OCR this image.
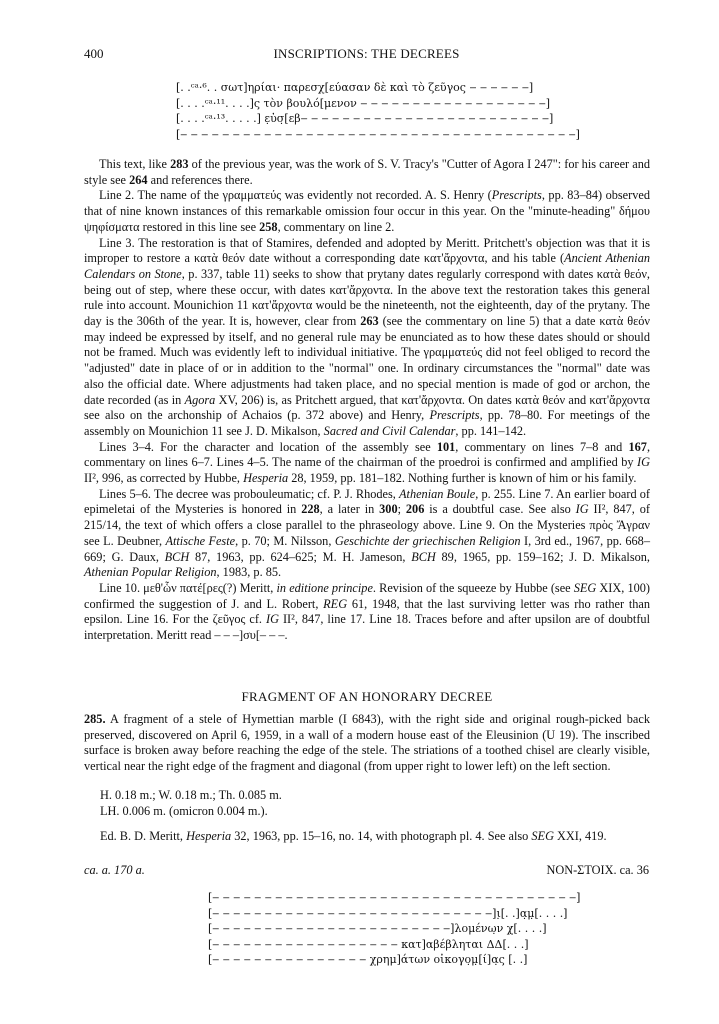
400	INSCRIPTIONS: THE DECREES
[. .ᶜᵃ·⁶. . σωτ]ηρίαι· παρεσχ[εύασαν δὲ καὶ τὸ ζεῦγος ‒ ‒ ‒ ‒ ‒ ‒]
[. . . .ᶜᵃ·¹¹. . . .]ς τὸν βουλό[μενον ‒ ‒ ‒ ‒ ‒ ‒ ‒ ‒ ‒ ‒ ‒ ‒ ‒ ‒ ‒ ‒ ‒ ‒]
[. . . .ᶜᵃ·¹³. . . . .] ε̣ὐσ̣[εβ‒ ‒ ‒ ‒ ‒ ‒ ‒ ‒ ‒ ‒ ‒ ‒ ‒ ‒ ‒ ‒ ‒ ‒ ‒ ‒ ‒ ‒ ‒ ‒]
[‒ ‒ ‒ ‒ ‒ ‒ ‒ ‒ ‒ ‒ ‒ ‒ ‒ ‒ ‒ ‒ ‒ ‒ ‒ ‒ ‒ ‒ ‒ ‒ ‒ ‒ ‒ ‒ ‒ ‒ ‒ ‒ ‒ ‒ ‒ ‒ ‒ ‒]

This text, like 283 of the previous year, was the work of S. V. Tracy's "Cutter of Agora I 247": for his career and style see 264 and references there.

Line 2. The name of the γραμματεύς was evidently not recorded. A. S. Henry (Prescripts, pp. 83–84) observed that of nine known instances of this remarkable omission four occur in this year. On the "minute-heading" δήμου ψηφίσματα restored in this line see 258, commentary on line 2.

Line 3. The restoration is that of Stamires, defended and adopted by Meritt. Pritchett's objection was that it is improper to restore a κατὰ θεόν date without a corresponding date κατ'ἄρχοντα, and his table (Ancient Athenian Calendars on Stone, p. 337, table 11) seeks to show that prytany dates regularly correspond with dates κατὰ θεόν, being out of step, where these occur, with dates κατ'ἄρχοντα. In the above text the restoration takes this general rule into account. Mounichion 11 κατ'ἄρχοντα would be the nineteenth, not the eighteenth, day of the prytany. The day is the 306th of the year. It is, however, clear from 263 (see the commentary on line 5) that a date κατὰ θεόν may indeed be expressed by itself, and no general rule may be enunciated as to how these dates should or should not be framed. Much was evidently left to individual initiative. The γραμματεύς did not feel obliged to record the "adjusted" date in place of or in addition to the "normal" one. In ordinary circumstances the "normal" date was also the official date. Where adjustments had taken place, and no special mention is made of god or archon, the date recorded (as in Agora XV, 206) is, as Pritchett argued, that κατ'ἄρχοντα. On dates κατὰ θεόν and κατ'ἄρχοντα see also on the archonship of Achaios (p. 372 above) and Henry, Prescripts, pp. 78–80. For meetings of the assembly on Mounichion 11 see J. D. Mikalson, Sacred and Civil Calendar, pp. 141–142.

Lines 3–4. For the character and location of the assembly see 101, commentary on lines 7–8 and 167, commentary on lines 6–7. Lines 4–5. The name of the chairman of the proedroi is confirmed and amplified by IG II², 996, as corrected by Hubbe, Hesperia 28, 1959, pp. 181–182. Nothing further is known of him or his family.

Lines 5–6. The decree was probouleumatic; cf. P. J. Rhodes, Athenian Boule, p. 255. Line 7. An earlier board of epimeletai of the Mysteries is honored in 228, a later in 300; 206 is a doubtful case. See also IG II², 847, of 215/14, the text of which offers a close parallel to the phraseology above. Line 9. On the Mysteries πρὸς Ἄγραν see L. Deubner, Attische Feste, p. 70; M. Nilsson, Geschichte der griechischen Religion I, 3rd ed., 1967, pp. 668–669; G. Daux, BCH 87, 1963, pp. 624–625; M. H. Jameson, BCH 89, 1965, pp. 159–162; J. D. Mikalson, Athenian Popular Religion, 1983, p. 85.

Line 10. μεθ'ὧν πατέ[ρες(?) Meritt, in editione principe. Revision of the squeeze by Hubbe (see SEG XIX, 100) confirmed the suggestion of J. and L. Robert, REG 61, 1948, that the last surviving letter was rho rather than epsilon. Line 16. For the ζεῦγος cf. IG II², 847, line 17. Line 18. Traces before and after upsilon are of doubtful interpretation. Meritt read ‒ ‒ ‒]συ[‒ ‒ ‒.

FRAGMENT OF AN HONORARY DECREE

285. A fragment of a stele of Hymettian marble (I 6843), with the right side and original rough-picked back preserved, discovered on April 6, 1959, in a wall of a modern house east of the Eleusinion (U 19). The inscribed surface is broken away before reaching the edge of the stele. The striations of a toothed chisel are clearly visible, vertical near the right edge of the fragment and diagonal (from upper right to lower left) on the left section.

H. 0.18 m.; W. 0.18 m.; Th. 0.085 m.
LH. 0.006 m. (omicron 0.004 m.).
Ed. B. D. Meritt, Hesperia 32, 1963, pp. 15–16, no. 14, with photograph pl. 4. See also SEG XXI, 419.
ca. a. 170 a.	NON-ΣΤΟΙΧ. ca. 36
[‒ ‒ ‒ ‒ ‒ ‒ ‒ ‒ ‒ ‒ ‒ ‒ ‒ ‒ ‒ ‒ ‒ ‒ ‒ ‒ ‒ ‒ ‒ ‒ ‒ ‒ ‒ ‒ ‒ ‒ ‒ ‒ ‒ ‒ ‒]
[‒ ‒ ‒ ‒ ‒ ‒ ‒ ‒ ‒ ‒ ‒ ‒ ‒ ‒ ‒ ‒ ‒ ‒ ‒ ‒ ‒ ‒ ‒ ‒ ‒ ‒ ‒]ι̣[. .]α̣μ̣[. . . .]
[‒ ‒ ‒ ‒ ‒ ‒ ‒ ‒ ‒ ‒ ‒ ‒ ‒ ‒ ‒ ‒ ‒ ‒ ‒ ‒ ‒ ‒ ‒]λομένω̣ν χ̣[. . . .]
[‒ ‒ ‒ ‒ ‒ ‒ ‒ ‒ ‒ ‒ ‒ ‒ ‒ ‒ ‒ ‒ ‒ ‒ κατ]αβέβληται ΔΔ[. . .]
[‒ ‒ ‒ ‒ ‒ ‒ ‒ ‒ ‒ ‒ ‒ ‒ ‒ ‒ ‒ χρημ]άτων οἰκογο̣μ̣[ί]α̣ς [. .]
